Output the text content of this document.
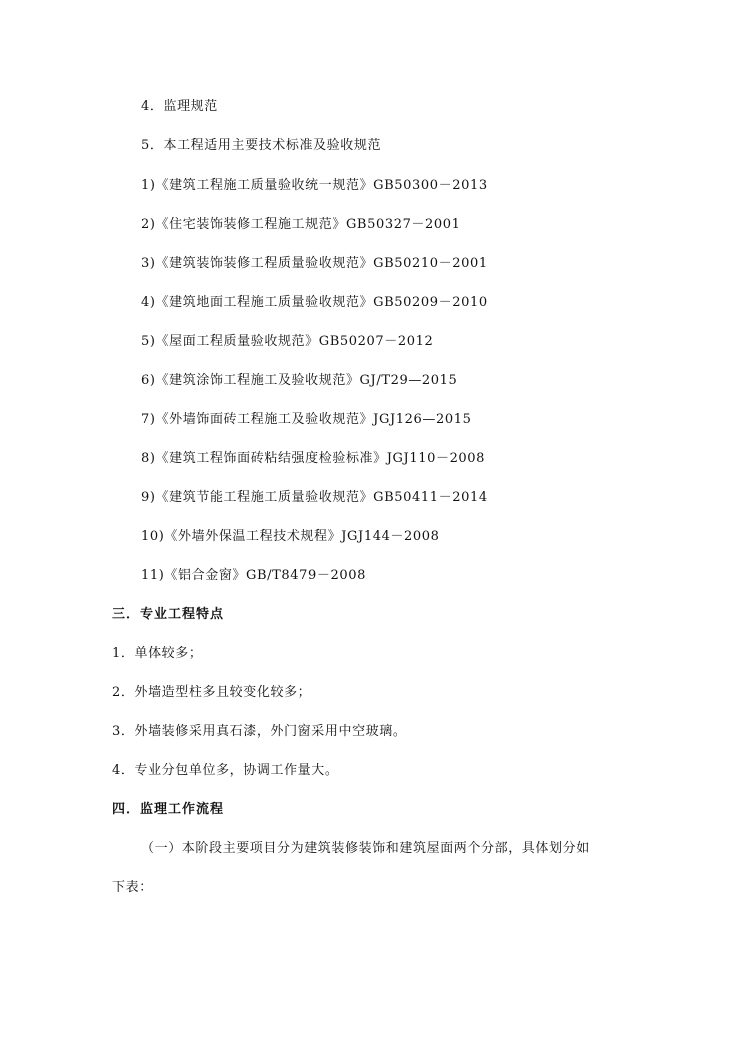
4．监理规范
5．本工程适用主要技术标准及验收规范
1)《建筑工程施工质量验收统一规范》GB50300－2013
2)《住宅装饰装修工程施工规范》GB50327－2001
3)《建筑装饰装修工程质量验收规范》GB50210－2001
4)《建筑地面工程施工质量验收规范》GB50209－2010
5)《屋面工程质量验收规范》GB50207－2012
6)《建筑涂饰工程施工及验收规范》GJ/T29—2015
7)《外墙饰面砖工程施工及验收规范》JGJ126—2015
8)《建筑工程饰面砖粘结强度检验标准》JGJ110－2008
9)《建筑节能工程施工质量验收规范》GB50411－2014
10)《外墙外保温工程技术规程》JGJ144－2008
11)《铝合金窗》GB/T8479－2008
三．专业工程特点
1．单体较多；
2．外墙造型柱多且较变化较多；
3．外墙装修采用真石漆，外门窗采用中空玻璃。
4．专业分包单位多，协调工作量大。
四．监理工作流程
（一）本阶段主要项目分为建筑装修装饰和建筑屋面两个分部，具体划分如
下表：
